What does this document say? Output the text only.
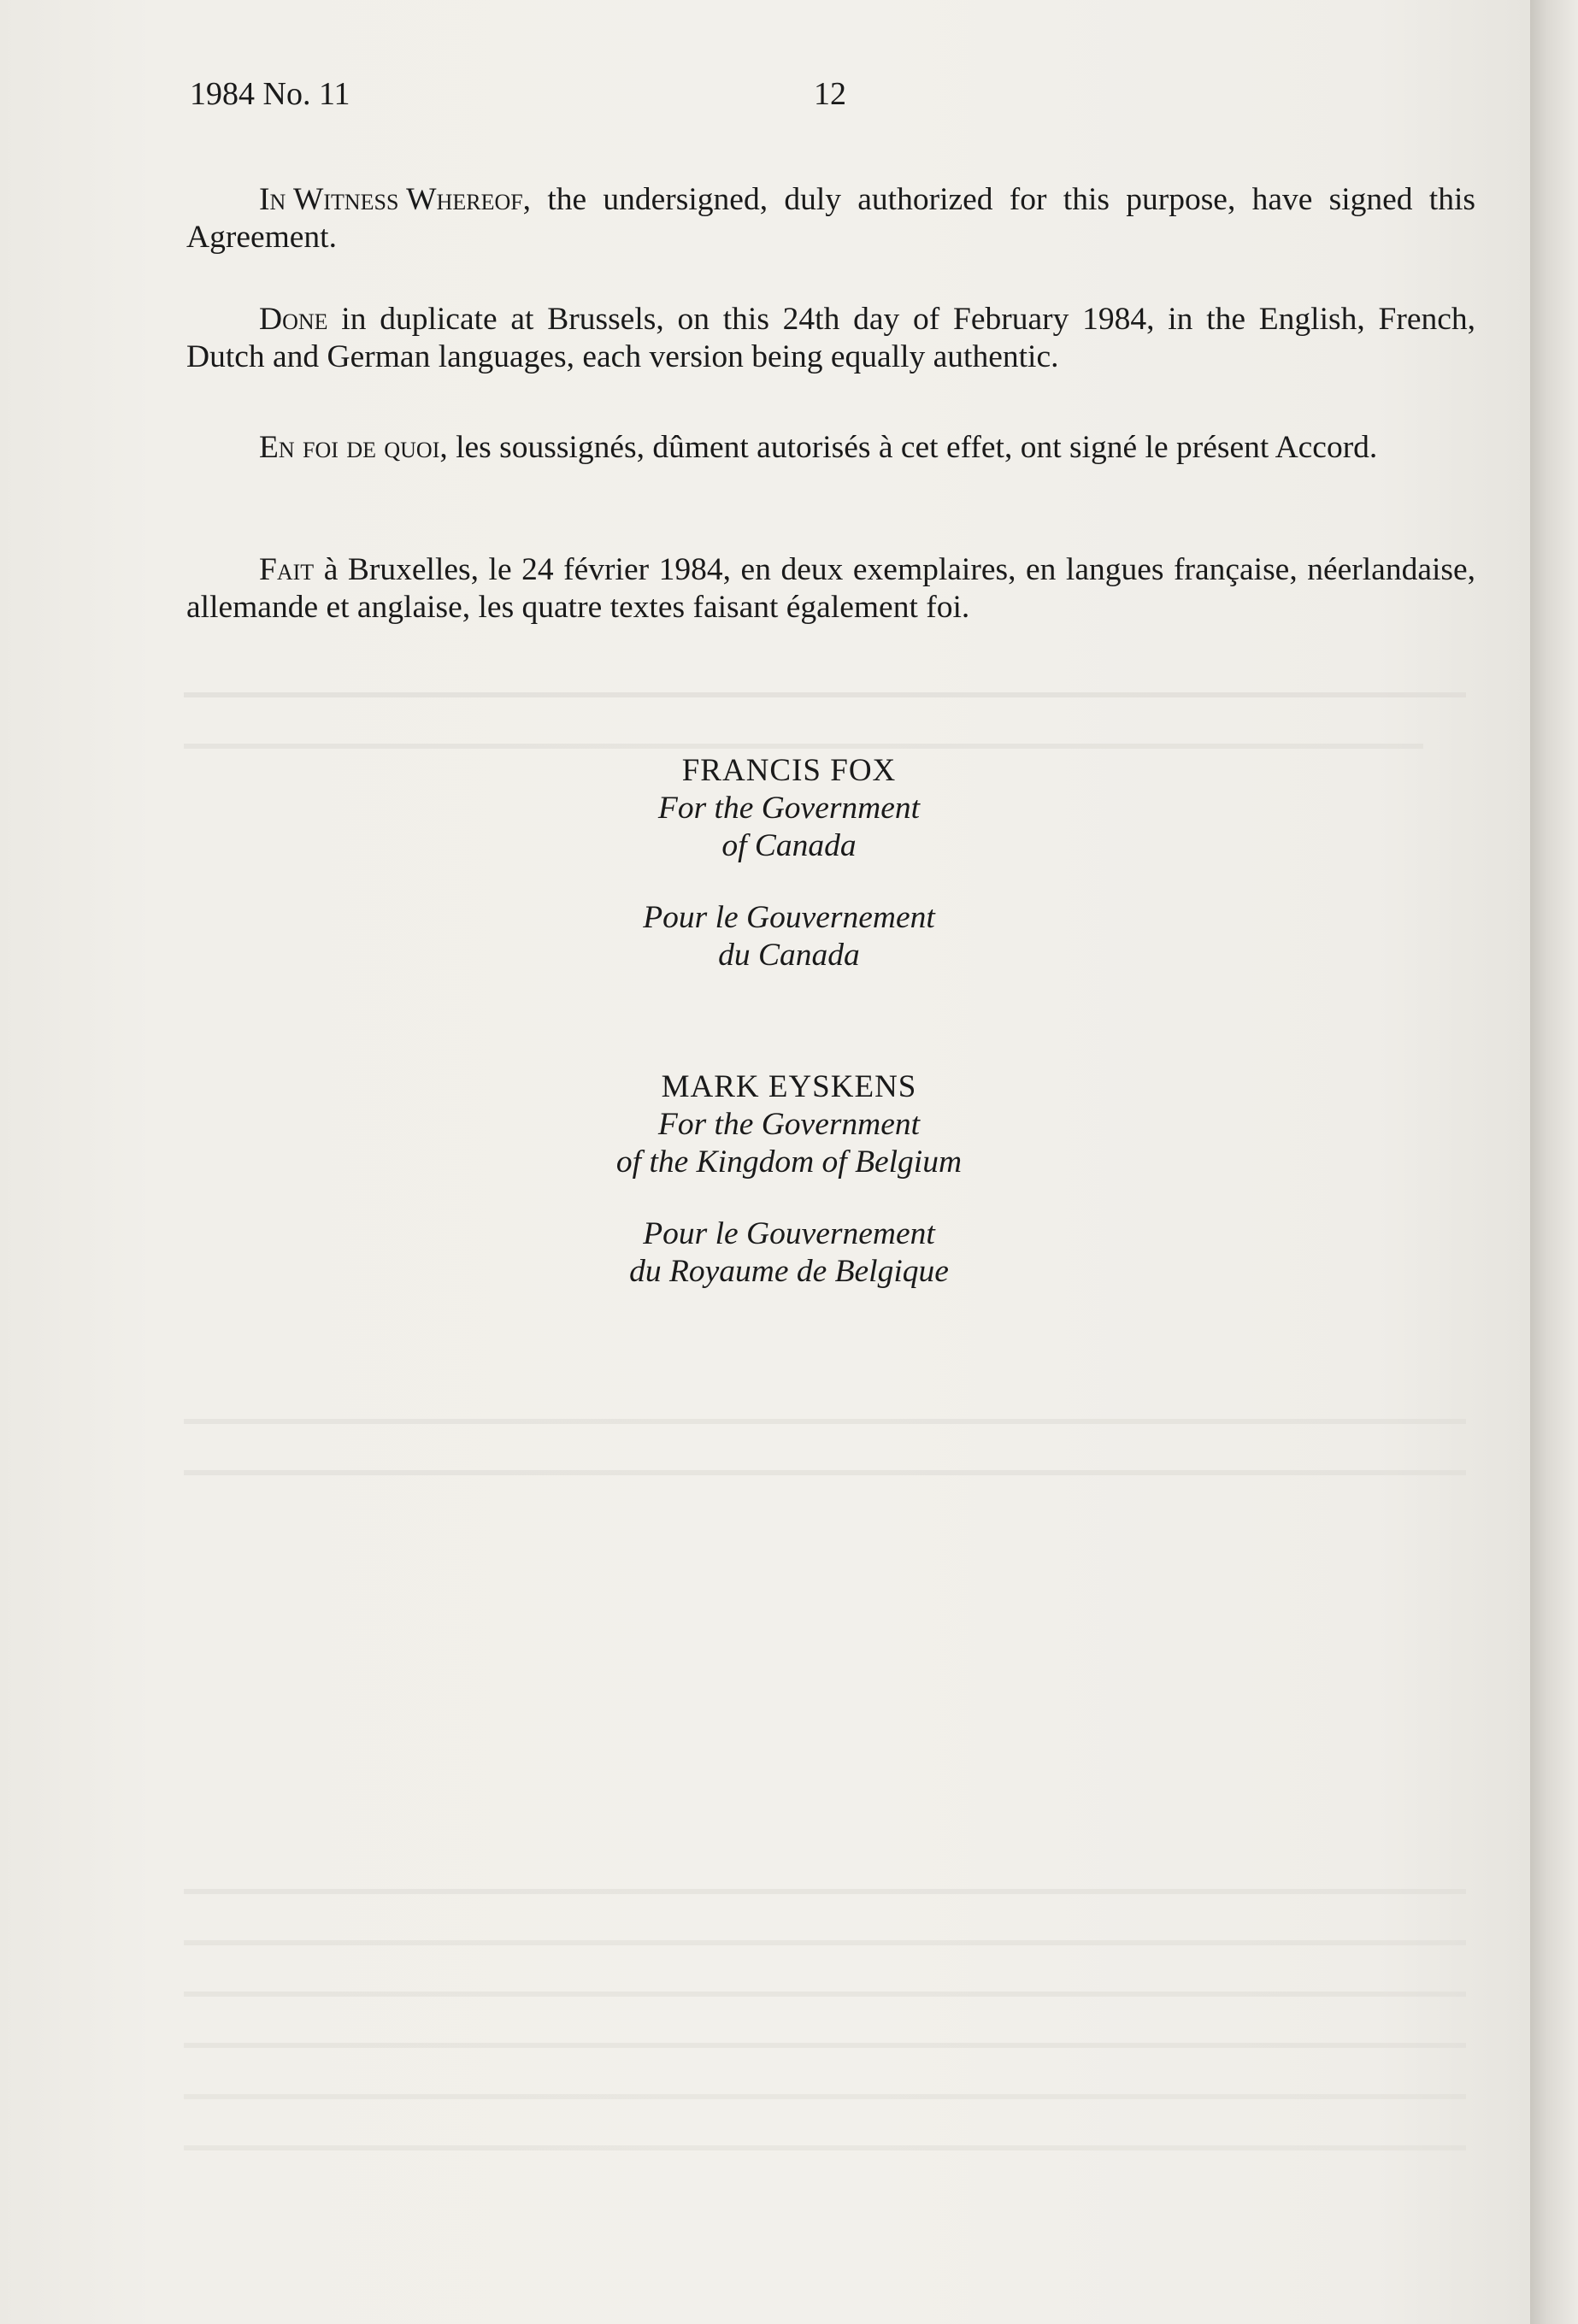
1984 No. 11	12

In Witness Whereof, the undersigned, duly authorized for this purpose, have signed this Agreement.

Done in duplicate at Brussels, on this 24th day of February 1984, in the English, French, Dutch and German languages, each version being equally authentic.

En foi de quoi, les soussignés, dûment autorisés à cet effet, ont signé le présent Accord.

Fait à Bruxelles, le 24 février 1984, en deux exemplaires, en langues française, néerlandaise, allemande et anglaise, les quatre textes faisant également foi.

FRANCIS FOX
For the Government
of Canada
Pour le Gouvernement
du Canada
MARK EYSKENS
For the Government
of the Kingdom of Belgium
Pour le Gouvernement
du Royaume de Belgique
